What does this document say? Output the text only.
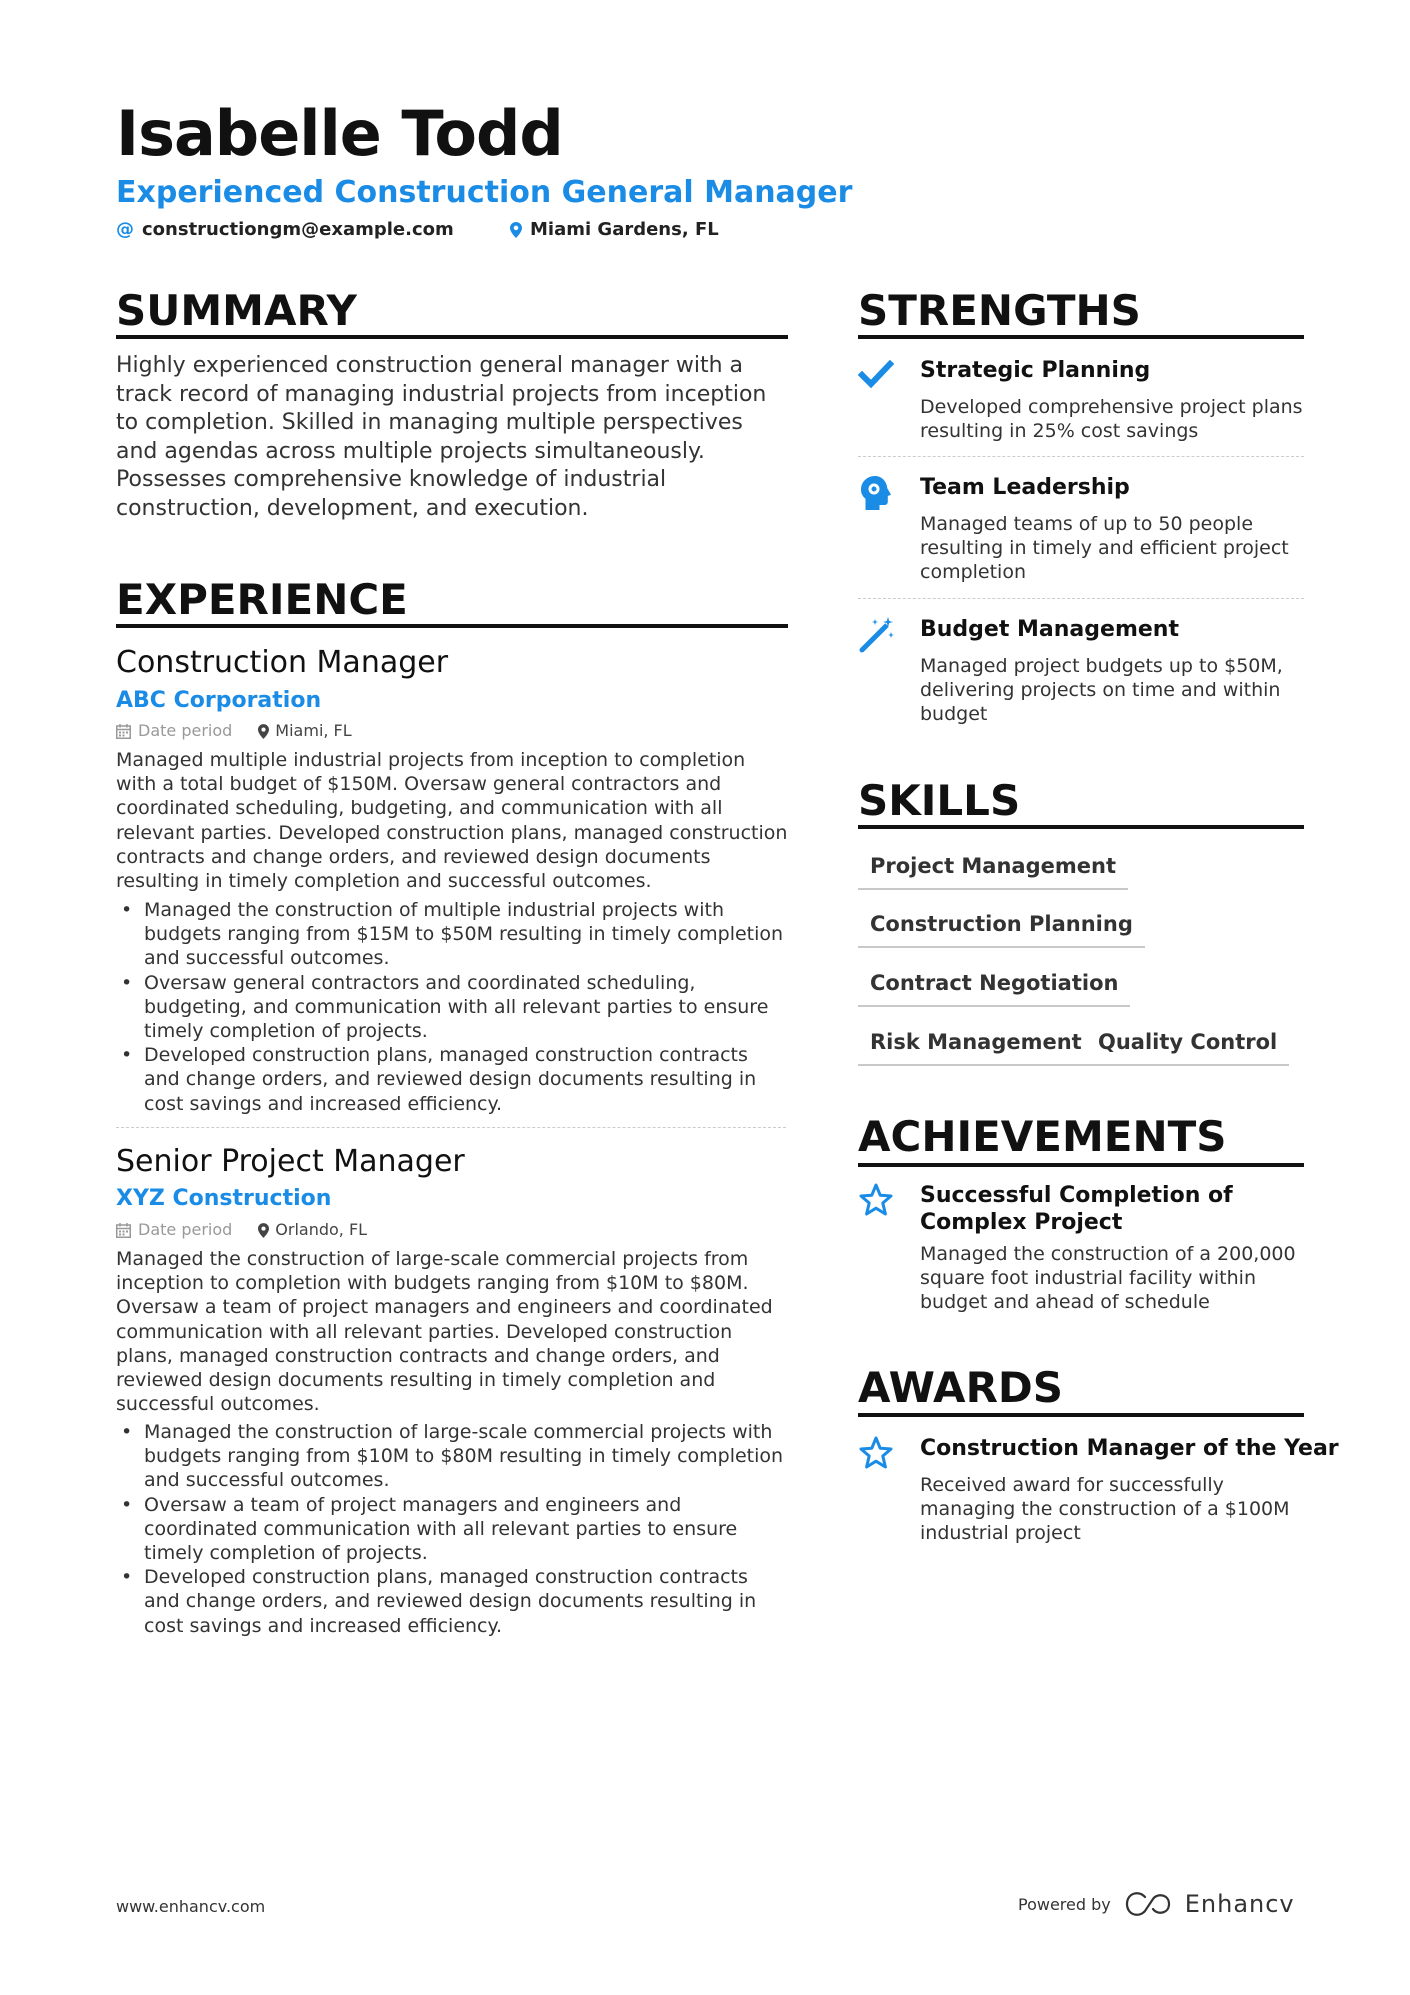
Isabelle Todd
Experienced Construction General Manager
@ constructiongm@example.com	Miami Gardens, FL
SUMMARY
Highly experienced construction general manager with a track record of managing industrial projects from inception to completion. Skilled in managing multiple perspectives and agendas across multiple projects simultaneously. Possesses comprehensive knowledge of industrial construction, development, and execution.
EXPERIENCE
Construction Manager
ABC Corporation
Date period	Miami, FL
Managed multiple industrial projects from inception to completion with a total budget of $150M. Oversaw general contractors and coordinated scheduling, budgeting, and communication with all relevant parties. Developed construction plans, managed construction contracts and change orders, and reviewed design documents resulting in timely completion and successful outcomes.
• Managed the construction of multiple industrial projects with budgets ranging from $15M to $50M resulting in timely completion and successful outcomes.
• Oversaw general contractors and coordinated scheduling, budgeting, and communication with all relevant parties to ensure timely completion of projects.
• Developed construction plans, managed construction contracts and change orders, and reviewed design documents resulting in cost savings and increased efficiency.
Senior Project Manager
XYZ Construction
Date period	Orlando, FL
Managed the construction of large-scale commercial projects from inception to completion with budgets ranging from $10M to $80M. Oversaw a team of project managers and engineers and coordinated communication with all relevant parties. Developed construction plans, managed construction contracts and change orders, and reviewed design documents resulting in timely completion and successful outcomes.
• Managed the construction of large-scale commercial projects with budgets ranging from $10M to $80M resulting in timely completion and successful outcomes.
• Oversaw a team of project managers and engineers and coordinated communication with all relevant parties to ensure timely completion of projects.
• Developed construction plans, managed construction contracts and change orders, and reviewed design documents resulting in cost savings and increased efficiency.
STRENGTHS
Strategic Planning
Developed comprehensive project plans resulting in 25% cost savings
Team Leadership
Managed teams of up to 50 people resulting in timely and efficient project completion
Budget Management
Managed project budgets up to $50M, delivering projects on time and within budget
SKILLS
Project Management
Construction Planning
Contract Negotiation
Risk Management Quality Control
ACHIEVEMENTS
Successful Completion of Complex Project
Managed the construction of a 200,000 square foot industrial facility within budget and ahead of schedule
AWARDS
Construction Manager of the Year
Received award for successfully managing the construction of a $100M industrial project
www.enhancv.com	Powered by	Enhancv
